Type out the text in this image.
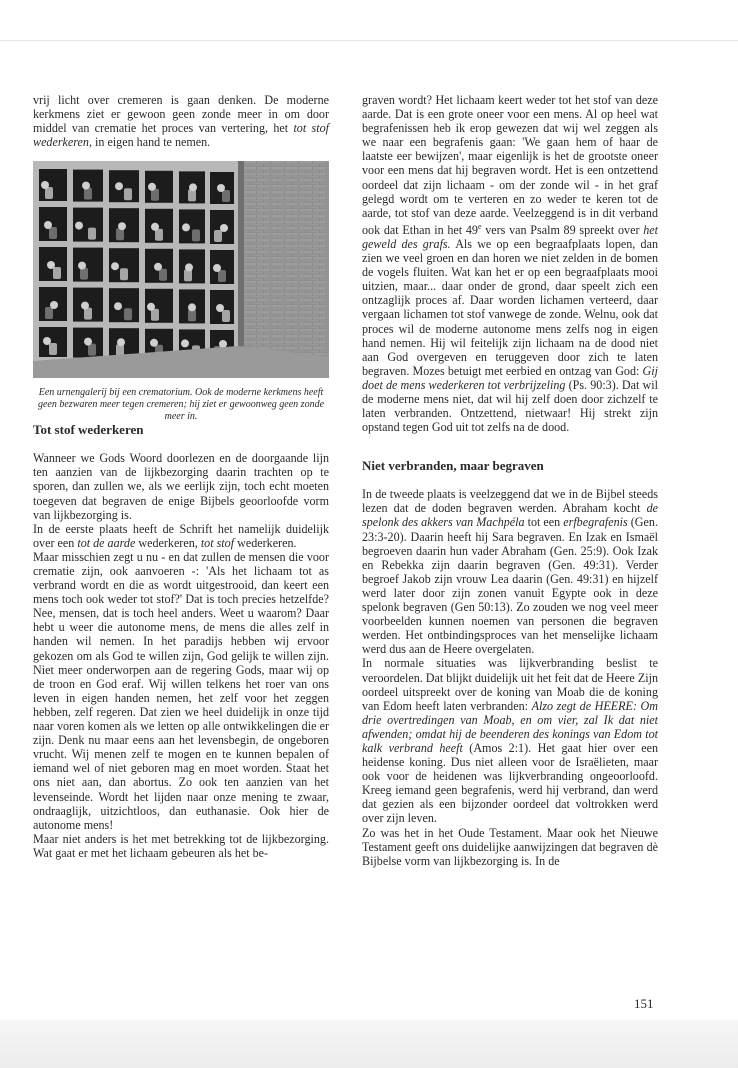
vrij licht over cremeren is gaan denken. De moderne kerkmens ziet er gewoon geen zonde meer in om door middel van crematie het proces van vertering, het tot stof wederkeren, in eigen hand te nemen.

Een urnengalerij bij een crematorium. Ook de moderne kerkmens heeft geen bezwaren meer tegen cremeren; hij ziet er gewoonweg geen zonde meer in.

Tot stof wederkeren

Wanneer we Gods Woord doorlezen en de doorgaande lijn ten aanzien van de lijkbezorging daarin trachten op te sporen, dan zullen we, als we eerlijk zijn, toch echt moeten toegeven dat begraven de enige Bijbels geoorloofde vorm van lijkbezorging is.

In de eerste plaats heeft de Schrift het namelijk duidelijk over een tot de aarde wederkeren, tot stof wederkeren.

Maar misschien zegt u nu - en dat zullen de mensen die voor crematie zijn, ook aanvoeren -: 'Als het lichaam tot as verbrand wordt en die as wordt uitgestrooid, dan keert een mens toch ook weder tot stof?' Dat is toch precies hetzelfde? Nee, mensen, dat is toch heel anders. Weet u waarom? Daar hebt u weer die autonome mens, de mens die alles zelf in handen wil nemen. In het paradijs hebben wij ervoor gekozen om als God te willen zijn, God gelijk te willen zijn. Niet meer onderworpen aan de regering Gods, maar wij op de troon en God eraf. Wij willen telkens het roer van ons leven in eigen handen nemen, het zelf voor het zeggen hebben, zelf regeren. Dat zien we heel duidelijk in onze tijd naar voren komen als we letten op alle ontwikkelingen die er zijn. Denk nu maar eens aan het levensbegin, de ongeboren vrucht. Wij menen zelf te mogen en te kunnen bepalen of iemand wel of niet geboren mag en moet worden. Staat het ons niet aan, dan abortus. Zo ook ten aanzien van het levenseinde. Wordt het lijden naar onze mening te zwaar, ondraaglijk, uitzichtloos, dan euthanasie. Ook hier de autonome mens!

Maar niet anders is het met betrekking tot de lijkbezorging. Wat gaat er met het lichaam gebeuren als het be-

graven wordt? Het lichaam keert weder tot het stof van deze aarde. Dat is een grote oneer voor een mens. Al op heel wat begrafenissen heb ik erop gewezen dat wij wel zeggen als we naar een begrafenis gaan: 'We gaan hem of haar de laatste eer bewijzen', maar eigenlijk is het de grootste oneer voor een mens dat hij begraven wordt. Het is een ontzettend oordeel dat zijn lichaam - om der zonde wil - in het graf gelegd wordt om te verteren en zo weder te keren tot de aarde, tot stof van deze aarde. Veelzeggend is in dit verband ook dat Ethan in het 49e vers van Psalm 89 spreekt over het geweld des grafs. Als we op een begraafplaats lopen, dan zien we veel groen en dan horen we niet zelden in de bomen de vogels fluiten. Wat kan het er op een begraafplaats mooi uitzien, maar... daar onder de grond, daar speelt zich een ontzaglijk proces af. Daar worden lichamen verteerd, daar vergaan lichamen tot stof vanwege de zonde. Welnu, ook dat proces wil de moderne autonome mens zelfs nog in eigen hand nemen. Hij wil feitelijk zijn lichaam na de dood niet aan God overgeven en teruggeven door zich te laten begraven. Mozes betuigt met eerbied en ontzag van God: Gij doet de mens wederkeren tot verbrijzeling (Ps. 90:3). Dat wil de moderne mens niet, dat wil hij zelf doen door zichzelf te laten verbranden. Ontzettend, nietwaar! Hij strekt zijn opstand tegen God uit tot zelfs na de dood.

Niet verbranden, maar begraven

In de tweede plaats is veelzeggend dat we in de Bijbel steeds lezen dat de doden begraven werden. Abraham kocht de spelonk des akkers van Machpéla tot een erfbegrafenis (Gen. 23:3-20). Daarin heeft hij Sara begraven. En Izak en Ismaël begroeven daarin hun vader Abraham (Gen. 25:9). Ook Izak en Rebekka zijn daarin begraven (Gen. 49:31). Verder begroef Jakob zijn vrouw Lea daarin (Gen. 49:31) en hijzelf werd later door zijn zonen vanuit Egypte ook in deze spelonk begraven (Gen 50:13). Zo zouden we nog veel meer voorbeelden kunnen noemen van personen die begraven werden. Het ontbindingsproces van het menselijke lichaam werd dus aan de Heere overgelaten.

In normale situaties was lijkverbranding beslist te veroordelen. Dat blijkt duidelijk uit het feit dat de Heere Zijn oordeel uitspreekt over de koning van Moab die de koning van Edom heeft laten verbranden: Alzo zegt de HEERE: Om drie overtredingen van Moab, en om vier, zal Ik dat niet afwenden; omdat hij de beenderen des konings van Edom tot kalk verbrand heeft (Amos 2:1). Het gaat hier over een heidense koning. Dus niet alleen voor de Israëlieten, maar ook voor de heidenen was lijkverbranding ongeoorloofd. Kreeg iemand geen begrafenis, werd hij verbrand, dan werd dat gezien als een bijzonder oordeel dat voltrokken werd over zijn leven.

Zo was het in het Oude Testament. Maar ook het Nieuwe Testament geeft ons duidelijke aanwijzingen dat begraven dè Bijbelse vorm van lijkbezorging is. In de

151
